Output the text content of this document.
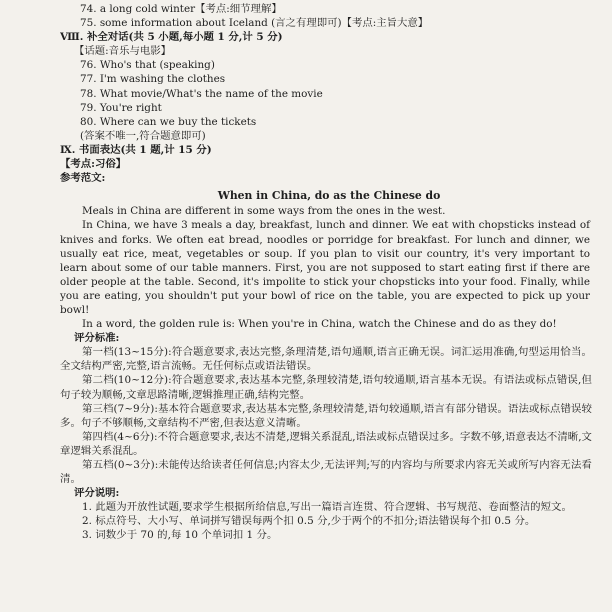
74. a long cold winter【考点:细节理解】
75. some information about Iceland (言之有理即可)【考点:主旨大意】
Ⅷ. 补全对话(共 5 小题,每小题 1 分,计 5 分)
【话题:音乐与电影】
76. Who's that (speaking)
77. I'm washing the clothes
78. What movie/What's the name of the movie
79. You're right
80. Where can we buy the tickets
(答案不唯一,符合题意即可)
Ⅸ. 书面表达(共 1 题,计 15 分)
【考点:习俗】
参考范文:
When in China, do as the Chinese do
Meals in China are different in some ways from the ones in the west.
In China, we have 3 meals a day, breakfast, lunch and dinner. We eat with chopsticks instead of knives and forks. We often eat bread, noodles or porridge for breakfast. For lunch and dinner, we usually eat rice, meat, vegetables or soup. If you plan to visit our country, it's very important to learn about some of our table manners. First, you are not supposed to start eating first if there are older people at the table. Second, it's impolite to stick your chopsticks into your food. Finally, while you are eating, you shouldn't put your bowl of rice on the table, you are expected to pick up your bowl!
In a word, the golden rule is: When you're in China, watch the Chinese and do as they do!
评分标准:
第一档(13~15分):符合题意要求,表达完整,条理清楚,语句通顺,语言正确无误。词汇运用准确,句型运用恰当。全文结构严密,完整,语言流畅。无任何标点或语法错误。
第二档(10~12分):符合题意要求,表达基本完整,条理较清楚,语句较通顺,语言基本无误。有语法或标点错误,但句子较为顺畅,文章思路清晰,逻辑推理正确,结构完整。
第三档(7~9分):基本符合题意要求,表达基本完整,条理较清楚,语句较通顺,语言有部分错误。语法或标点错误较多。句子不够顺畅,文章结构不严密,但表达意义清晰。
第四档(4~6分):不符合题意要求,表达不清楚,逻辑关系混乱,语法或标点错误过多。字数不够,语意表达不清晰,文章逻辑关系混乱。
第五档(0~3分):未能传达给读者任何信息;内容太少,无法评判;写的内容均与所要求内容无关或所写内容无法看清。
评分说明:
1. 此题为开放性试题,要求学生根据所给信息,写出一篇语言连贯、符合逻辑、书写规范、卷面整洁的短文。
2. 标点符号、大小写、单词拼写错误每两个扣 0.5 分,少于两个的不扣分;语法错误每个扣 0.5 分。
3. 词数少于 70 的,每 10 个单词扣 1 分。
